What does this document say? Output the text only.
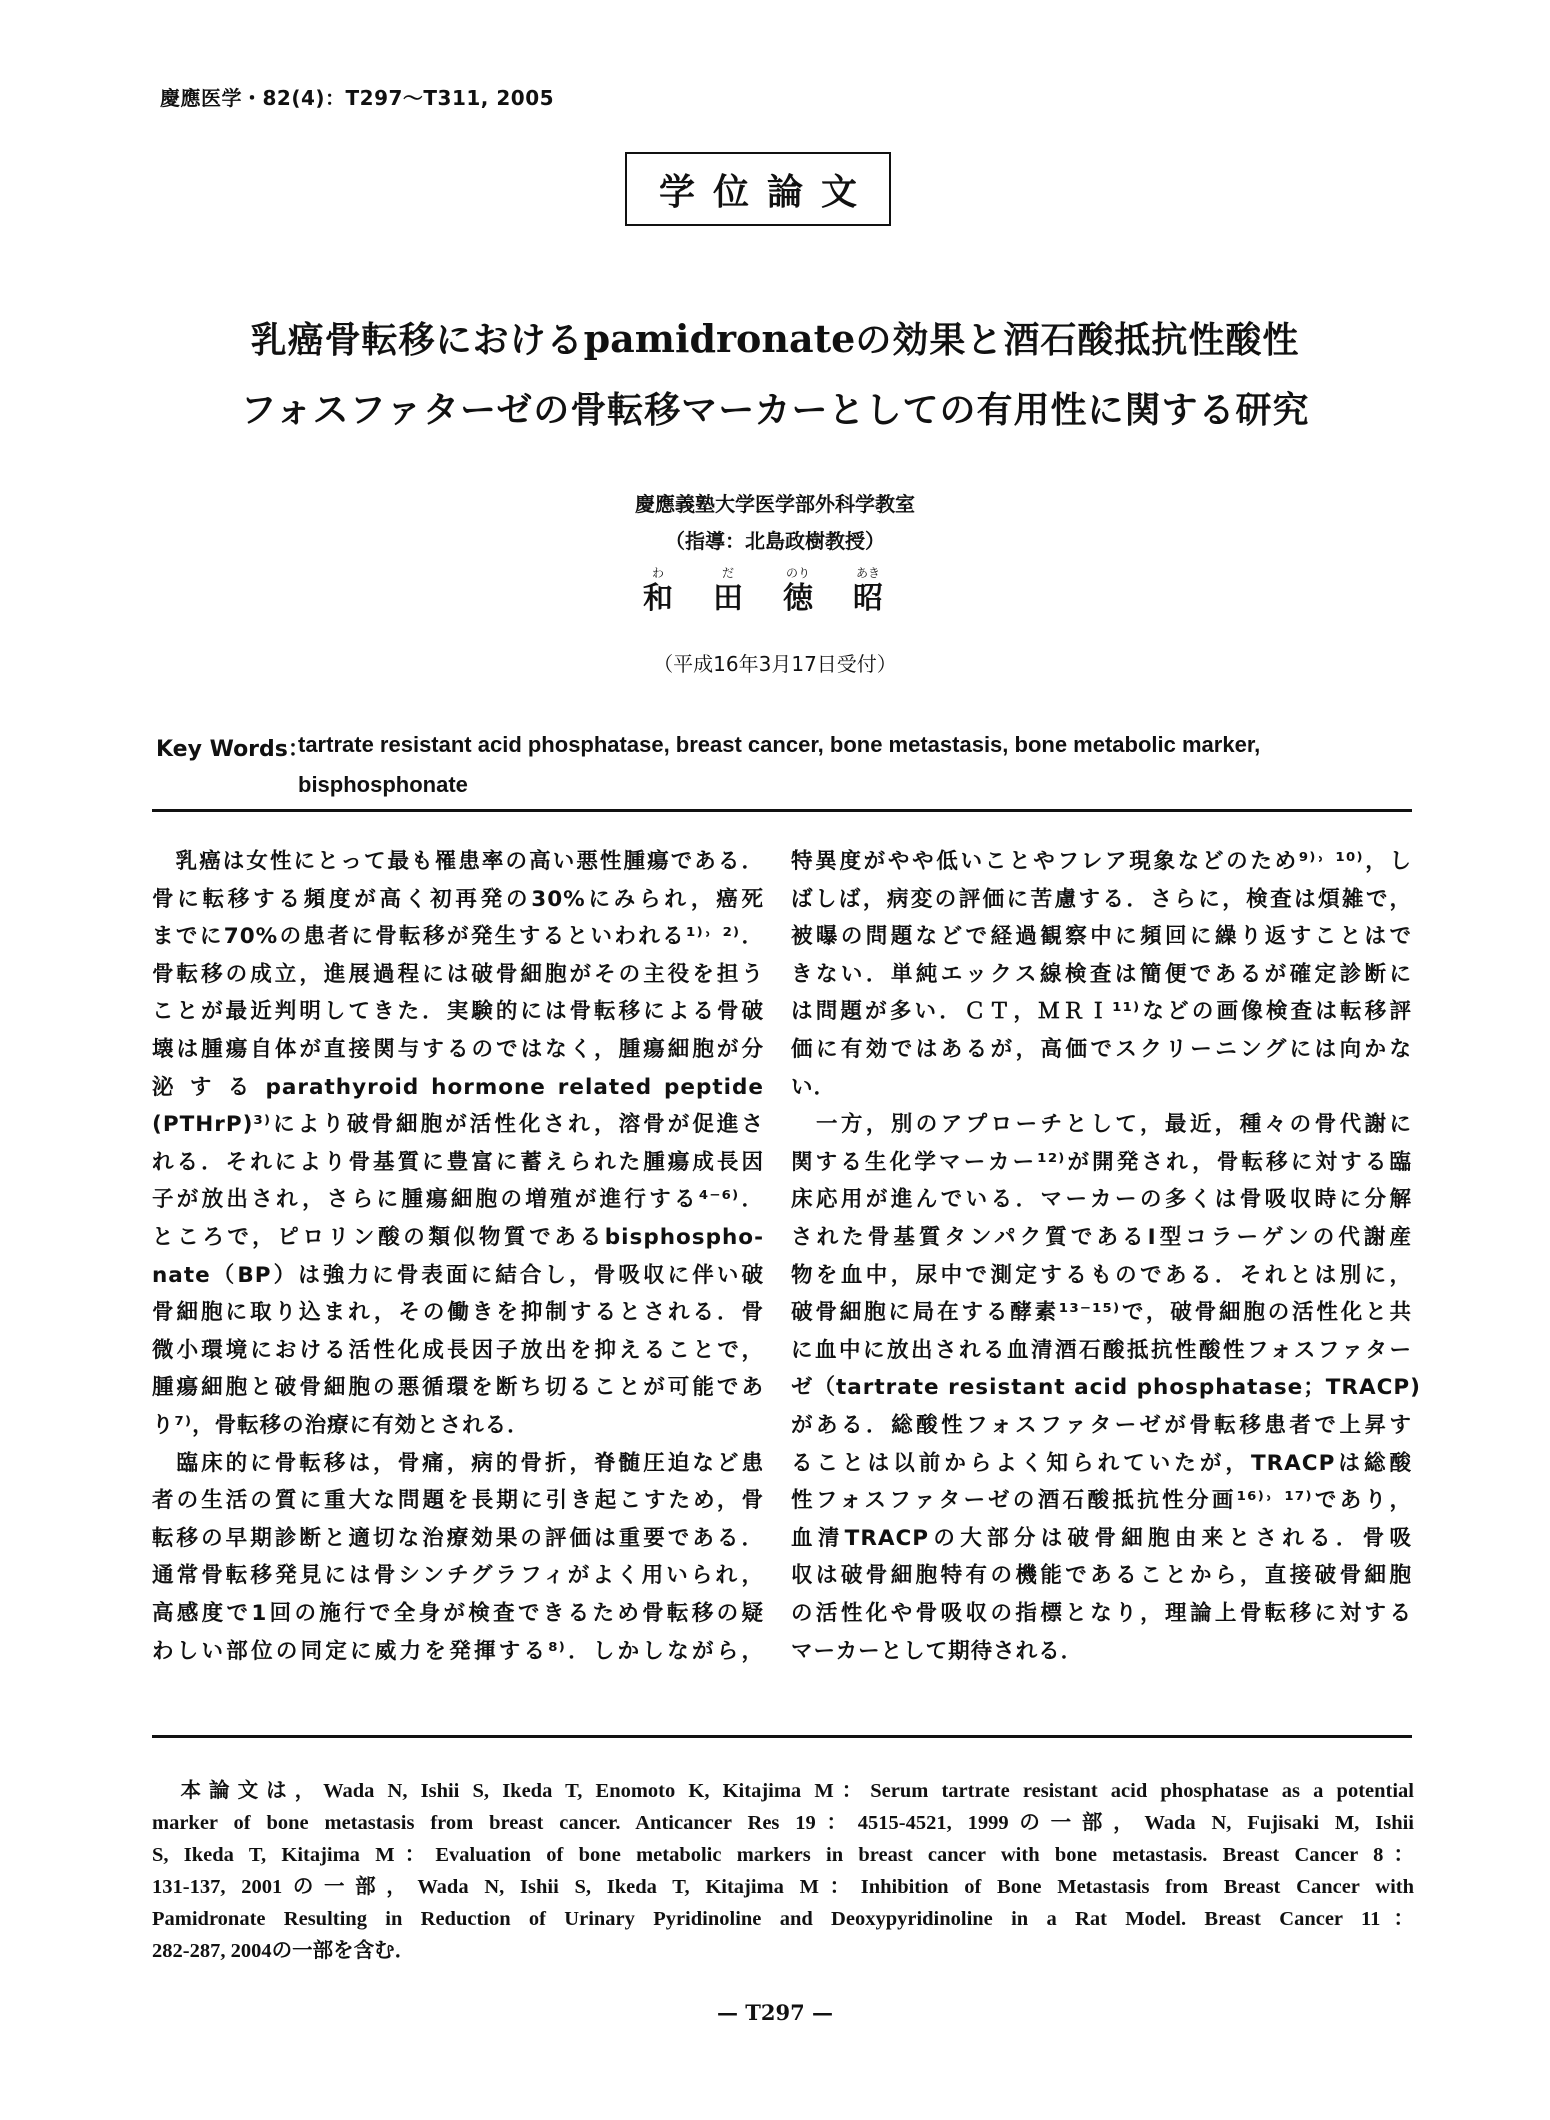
慶應医学・82(4)：T297〜T311, 2005
学位論文
乳癌骨転移におけるpamidronateの効果と酒石酸抵抗性酸性
フォスファターゼの骨転移マーカーとしての有用性に関する研究
慶應義塾大学医学部外科学教室
（指導：北島政樹教授）
わ
和
だ
田
のり
徳
あき
昭
（平成16年3月17日受付）
Key Words：
tartrate resistant acid phosphatase, breast cancer, bone metastasis, bone metabolic marker,
bisphosphonate
　乳癌は女性にとって最も罹患率の高い悪性腫瘍である．
骨に転移する頻度が高く初再発の30%にみられ，癌死
までに70%の患者に骨転移が発生するといわれる¹⁾˒ ²⁾．
骨転移の成立，進展過程には破骨細胞がその主役を担う
ことが最近判明してきた．実験的には骨転移による骨破
壊は腫瘍自体が直接関与するのではなく，腫瘍細胞が分
泌 す る parathyroid hormone related peptide
(PTHrP)³⁾により破骨細胞が活性化され，溶骨が促進さ
れる．それにより骨基質に豊富に蓄えられた腫瘍成長因
子が放出され，さらに腫瘍細胞の増殖が進行する⁴⁻⁶⁾．
ところで，ピロリン酸の類似物質であるbisphospho-
nate（BP）は強力に骨表面に結合し，骨吸収に伴い破
骨細胞に取り込まれ，その働きを抑制するとされる．骨
微小環境における活性化成長因子放出を抑えることで，
腫瘍細胞と破骨細胞の悪循環を断ち切ることが可能であ
り⁷⁾，骨転移の治療に有効とされる．
　臨床的に骨転移は，骨痛，病的骨折，脊髄圧迫など患
者の生活の質に重大な問題を長期に引き起こすため，骨
転移の早期診断と適切な治療効果の評価は重要である．
通常骨転移発見には骨シンチグラフィがよく用いられ，
高感度で1回の施行で全身が検査できるため骨転移の疑
わしい部位の同定に威力を発揮する⁸⁾．しかしながら，
特異度がやや低いことやフレア現象などのため⁹⁾˒ ¹⁰⁾，し
ばしば，病変の評価に苦慮する．さらに，検査は煩雑で，
被曝の問題などで経過観察中に頻回に繰り返すことはで
きない．単純エックス線検査は簡便であるが確定診断に
は問題が多い．ＣＴ，ＭＲＩ¹¹⁾などの画像検査は転移評
価に有効ではあるが，高価でスクリーニングには向かな
い．
　一方，別のアプローチとして，最近，種々の骨代謝に
関する生化学マーカー¹²⁾が開発され，骨転移に対する臨
床応用が進んでいる．マーカーの多くは骨吸収時に分解
された骨基質タンパク質であるI型コラーゲンの代謝産
物を血中，尿中で測定するものである．それとは別に，
破骨細胞に局在する酵素¹³⁻¹⁵⁾で，破骨細胞の活性化と共
に血中に放出される血清酒石酸抵抗性酸性フォスファター
ゼ（tartrate resistant acid phosphatase；TRACP)
がある．総酸性フォスファターゼが骨転移患者で上昇す
ることは以前からよく知られていたが，TRACPは総酸
性フォスファターゼの酒石酸抵抗性分画¹⁶⁾˒ ¹⁷⁾であり，
血清TRACPの大部分は破骨細胞由来とされる．骨吸
収は破骨細胞特有の機能であることから，直接破骨細胞
の活性化や骨吸収の指標となり，理論上骨転移に対する
マーカーとして期待される．
　本論文は，Wada N, Ishii S, Ikeda T, Enomoto K, Kitajima M：Serum tartrate resistant acid phosphatase as a potential
marker of bone metastasis from breast cancer. Anticancer Res 19：4515-4521, 1999の一部，Wada N, Fujisaki M, Ishii
S, Ikeda T, Kitajima M：Evaluation of bone metabolic markers in breast cancer with bone metastasis. Breast Cancer 8：
131-137, 2001の一部，Wada N, Ishii S, Ikeda T, Kitajima M：Inhibition of Bone Metastasis from Breast Cancer with
Pamidronate Resulting in Reduction of Urinary Pyridinoline and Deoxypyridinoline in a Rat Model. Breast Cancer 11：
282-287, 2004の一部を含む．
— T297 —
